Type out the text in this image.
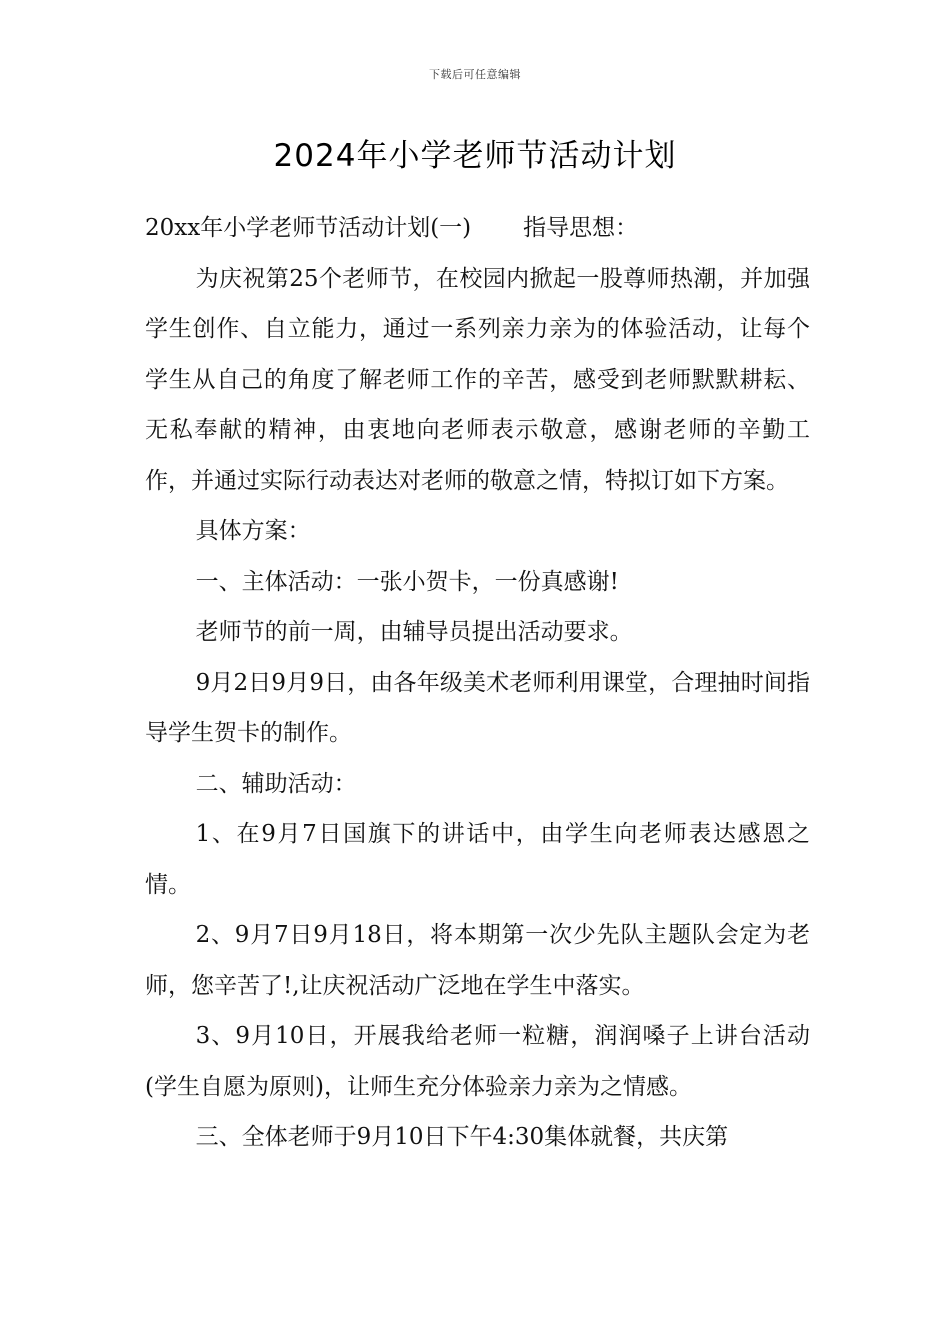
下载后可任意编辑
2024年小学老师节活动计划

20xx年小学老师节活动计划(一) 指导思想：

为庆祝第25个老师节，在校园内掀起一股尊师热潮，并加强学生创作、自立能力，通过一系列亲力亲为的体验活动，让每个学生从自己的角度了解老师工作的辛苦，感受到老师默默耕耘、无私奉献的精神，由衷地向老师表示敬意，感谢老师的辛勤工作，并通过实际行动表达对老师的敬意之情，特拟订如下方案。

具体方案：

一、主体活动：一张小贺卡，一份真感谢!

老师节的前一周，由辅导员提出活动要求。

9月2日9月9日，由各年级美术老师利用课堂，合理抽时间指导学生贺卡的制作。

二、辅助活动：

1、在9月7日国旗下的讲话中，由学生向老师表达感恩之情。

2、9月7日9月18日，将本期第一次少先队主题队会定为老师，您辛苦了!,让庆祝活动广泛地在学生中落实。

3、9月10日，开展我给老师一粒糖，润润嗓子上讲台活动(学生自愿为原则)，让师生充分体验亲力亲为之情感。

三、全体老师于9月10日下午4:30集体就餐，共庆第
